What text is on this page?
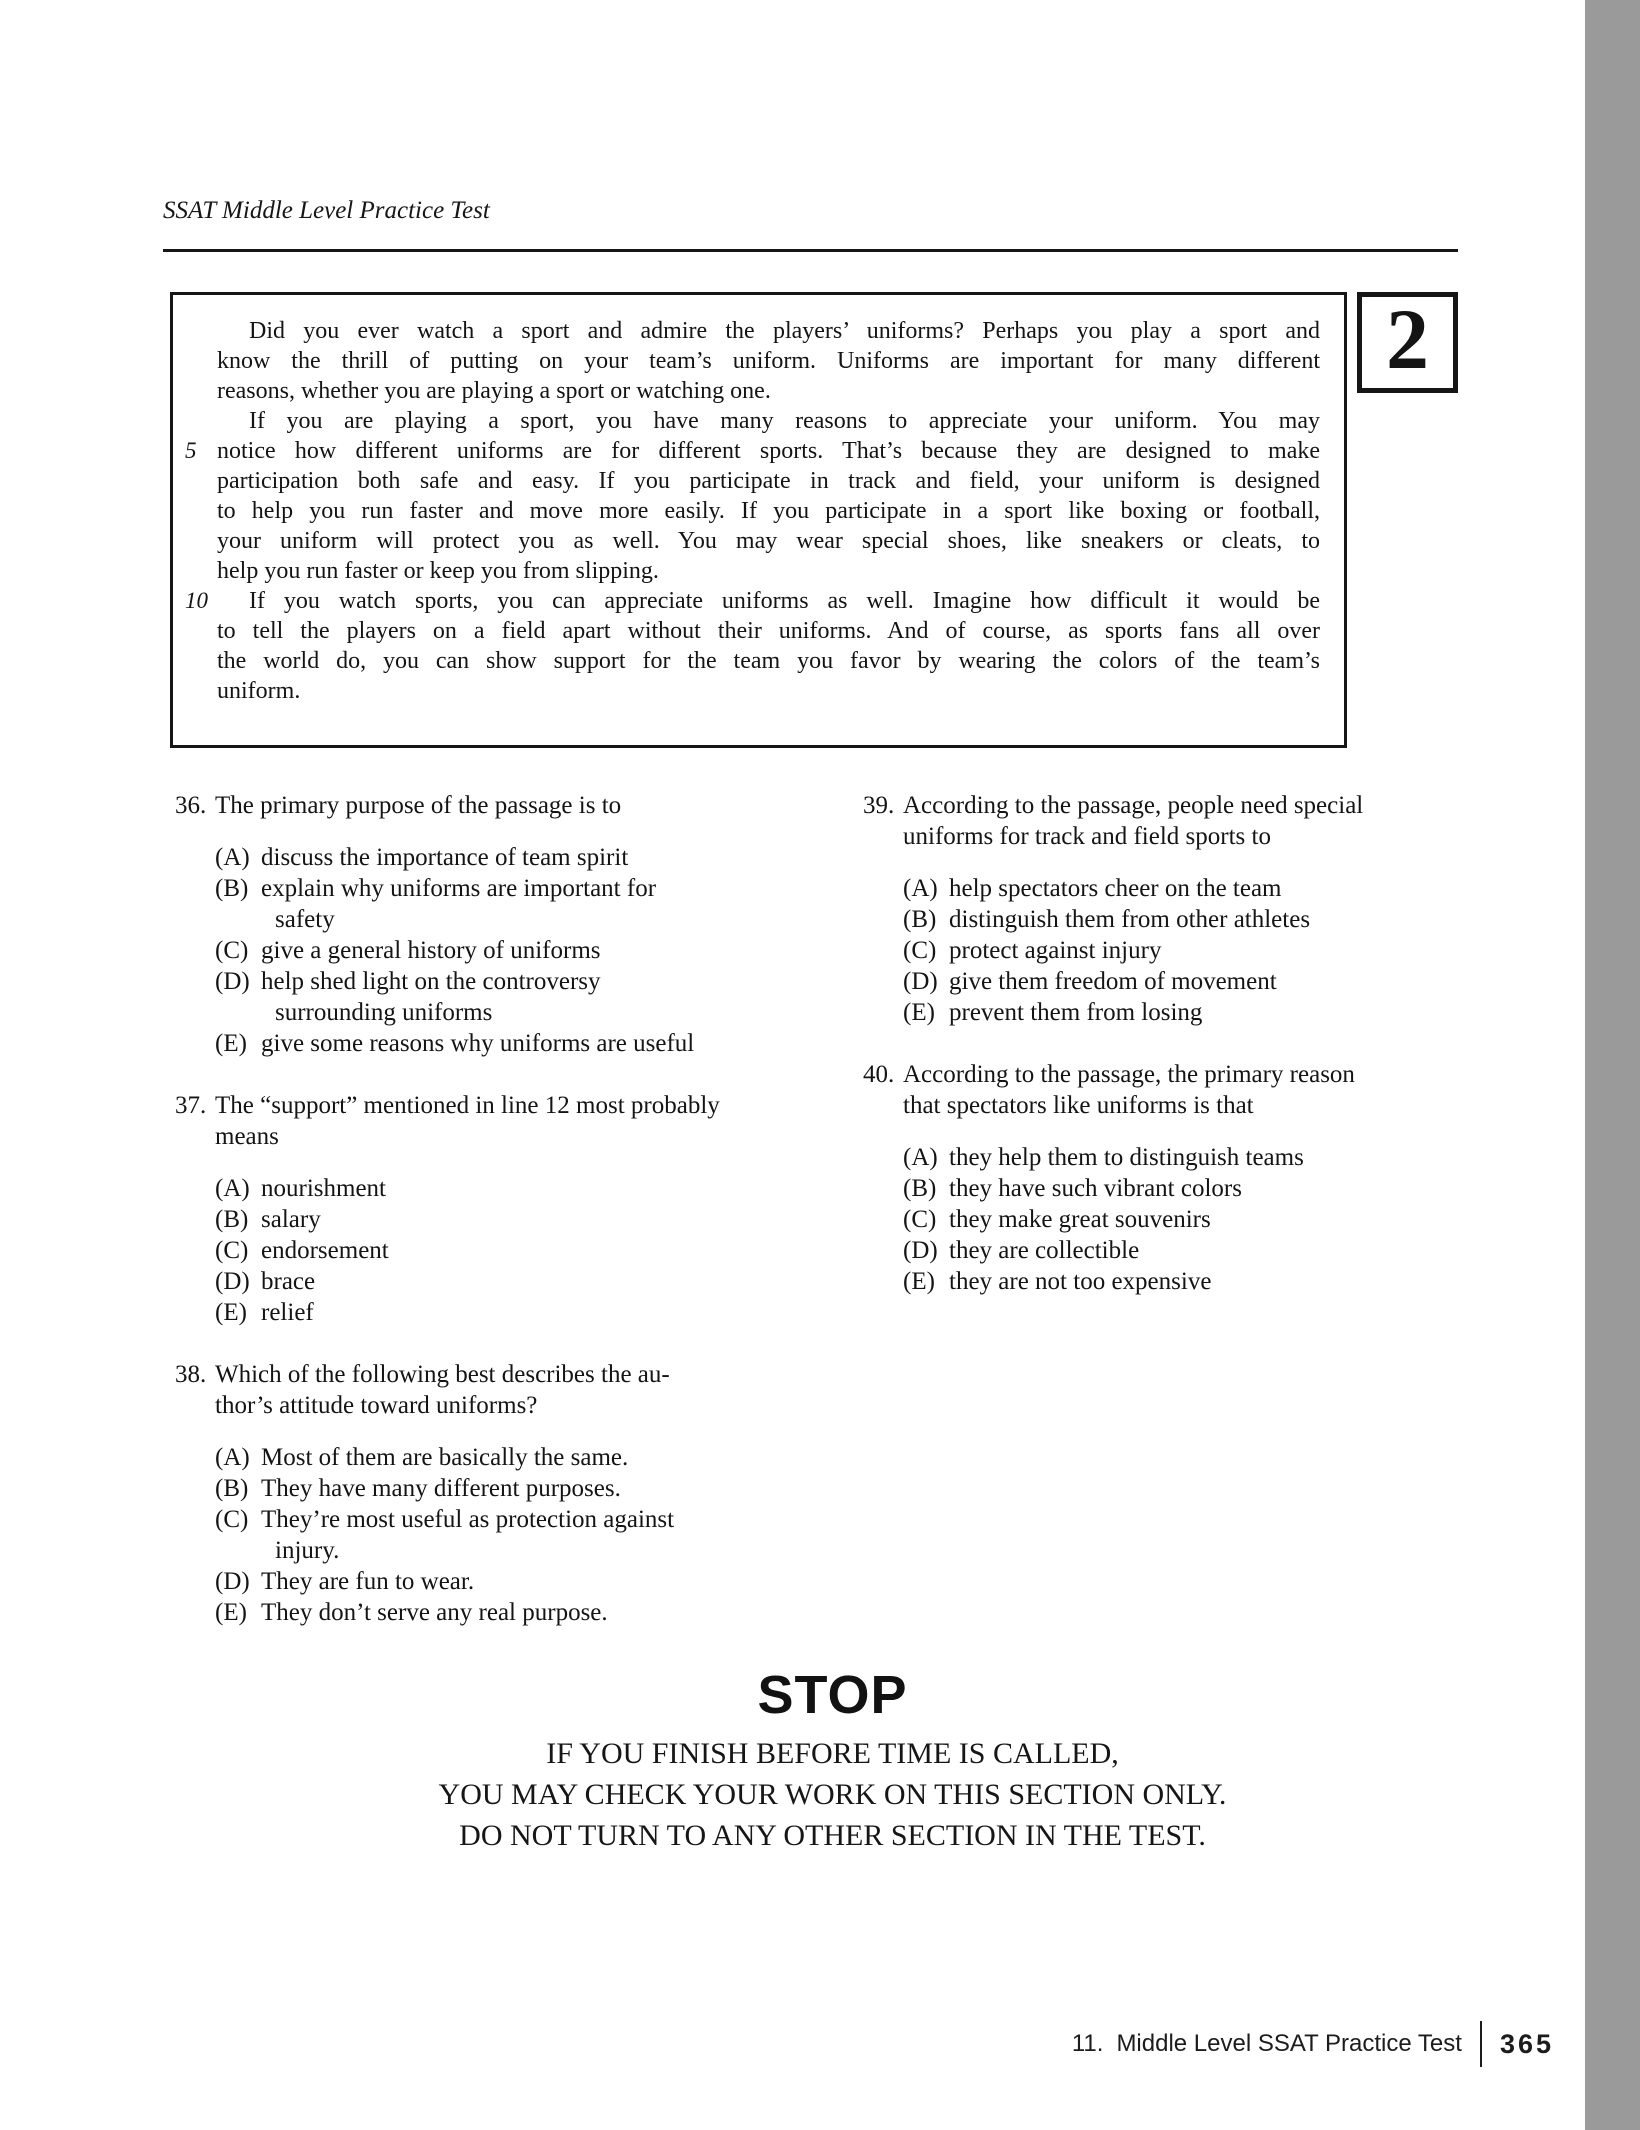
SSAT Middle Level Practice Test
Did you ever watch a sport and admire the players’ uniforms? Perhaps you play a sport and
know the thrill of putting on your team’s uniform. Uniforms are important for many different
reasons, whether you are playing a sport or watching one.
If you are playing a sport, you have many reasons to appreciate your uniform. You may
5 notice how different uniforms are for different sports. That’s because they are designed to make
participation both safe and easy. If you participate in track and field, your uniform is designed
to help you run faster and move more easily. If you participate in a sport like boxing or football,
your uniform will protect you as well. You may wear special shoes, like sneakers or cleats, to
help you run faster or keep you from slipping.
10	If you watch sports, you can appreciate uniforms as well. Imagine how difficult it would be
to tell the players on a field apart without their uniforms. And of course, as sports fans all over
the world do, you can show support for the team you favor by wearing the colors of the team’s
uniform.
2
36. The primary purpose of the passage is to
(A) discuss the importance of team spirit
(B) explain why uniforms are important for
safety
(C) give a general history of uniforms
(D) help shed light on the controversy
surrounding uniforms
(E) give some reasons why uniforms are useful
37. The “support” mentioned in line 12 most probably
means
(A) nourishment
(B) salary
(C) endorsement
(D) brace
(E) relief
38. Which of the following best describes the au-
thor’s attitude toward uniforms?
(A) Most of them are basically the same.
(B) They have many different purposes.
(C) They’re most useful as protection against
injury.
(D) They are fun to wear.
(E) They don’t serve any real purpose.
39. According to the passage, people need special
uniforms for track and field sports to
(A) help spectators cheer on the team
(B) distinguish them from other athletes
(C) protect against injury
(D) give them freedom of movement
(E) prevent them from losing
40. According to the passage, the primary reason
that spectators like uniforms is that
(A) they help them to distinguish teams
(B) they have such vibrant colors
(C) they make great souvenirs
(D) they are collectible
(E) they are not too expensive
STOP
IF YOU FINISH BEFORE TIME IS CALLED,
YOU MAY CHECK YOUR WORK ON THIS SECTION ONLY.
DO NOT TURN TO ANY OTHER SECTION IN THE TEST.
11. Middle Level SSAT Practice Test 365
